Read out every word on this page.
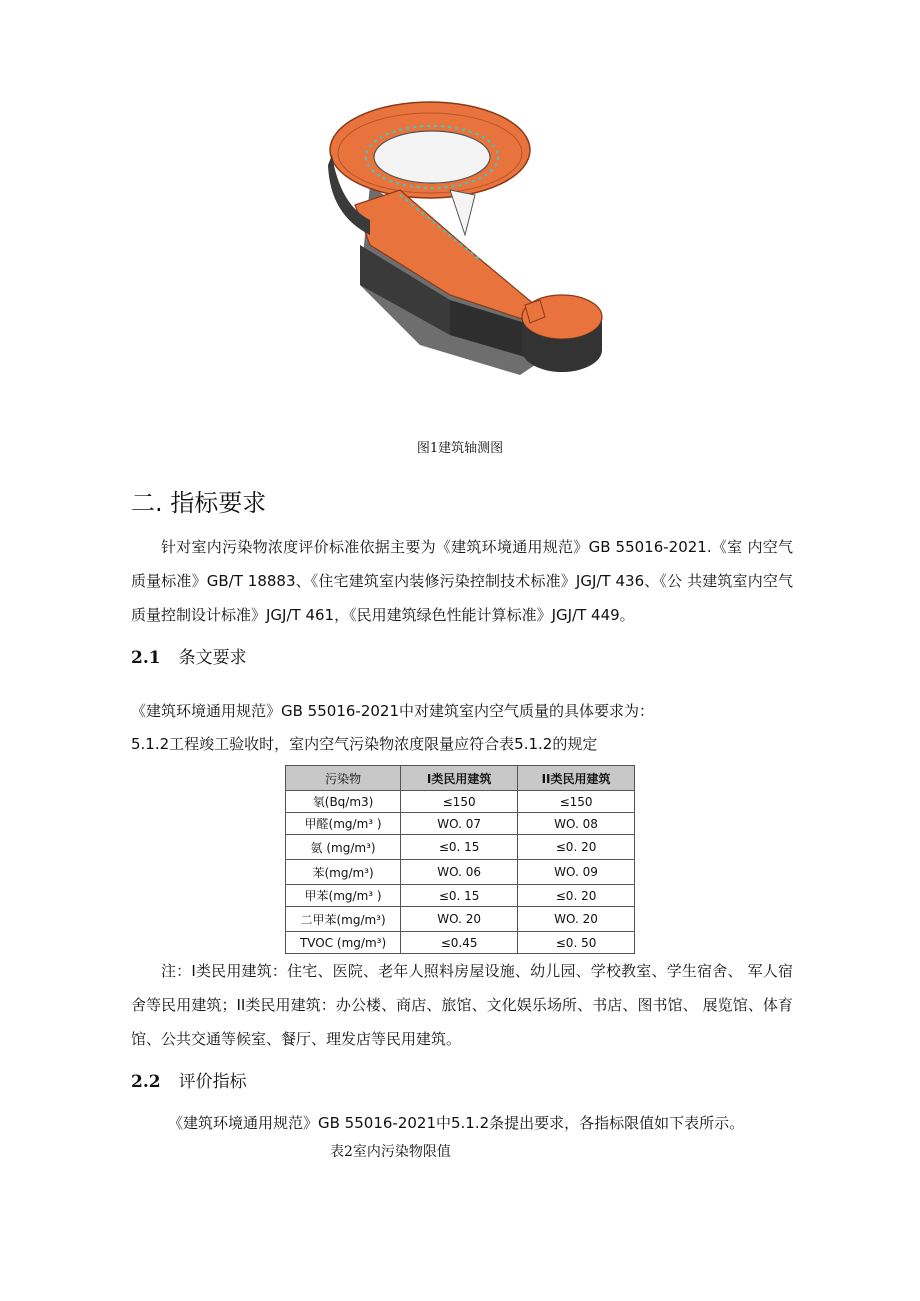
图1建筑轴测图
二. 指标要求

针对室内污染物浓度评价标准依据主要为《建筑环境通用规范》GB 55016-2021.《室 内空气质量标准》GB/T 18883、《住宅建筑室内装修污染控制技术标准》JGJ/T 436、《公 共建筑室内空气质量控制设计标准》JGJ/T 461，《民用建筑绿色性能计算标准》JGJ/T 449。

2.1 条文要求

《建筑环境通用规范》GB 55016-2021中对建筑室内空气质量的具体要求为：

5.1.2工程竣工验收时，室内空气污染物浓度限量应符合表5.1.2的规定

污染物	I类民用建筑	II类民用建筑
氡(Bq/m3)	≤150	≤150
甲醛(mg/m³ )	WO. 07	WO. 08
氨 (mg/m³)	≤0. 15	≤0. 20
苯(mg/m³)	WO. 06	WO. 09
甲苯(mg/m³ )	≤0. 15	≤0. 20
二甲苯(mg/m³)	WO. 20	WO. 20
TVOC (mg/m³)	≤0.45	≤0. 50

注：I类民用建筑：住宅、医院、老年人照料房屋设施、幼儿园、学校教室、学生宿舍、 军人宿舍等民用建筑；II类民用建筑：办公楼、商店、旅馆、文化娱乐场所、书店、图书馆、 展览馆、体育馆、公共交通等候室、餐厅、理发店等民用建筑。

2.2 评价指标

《建筑环境通用规范》GB 55016-2021中5.1.2条提出要求，各指标限值如下表所示。

表2室内污染物限值
